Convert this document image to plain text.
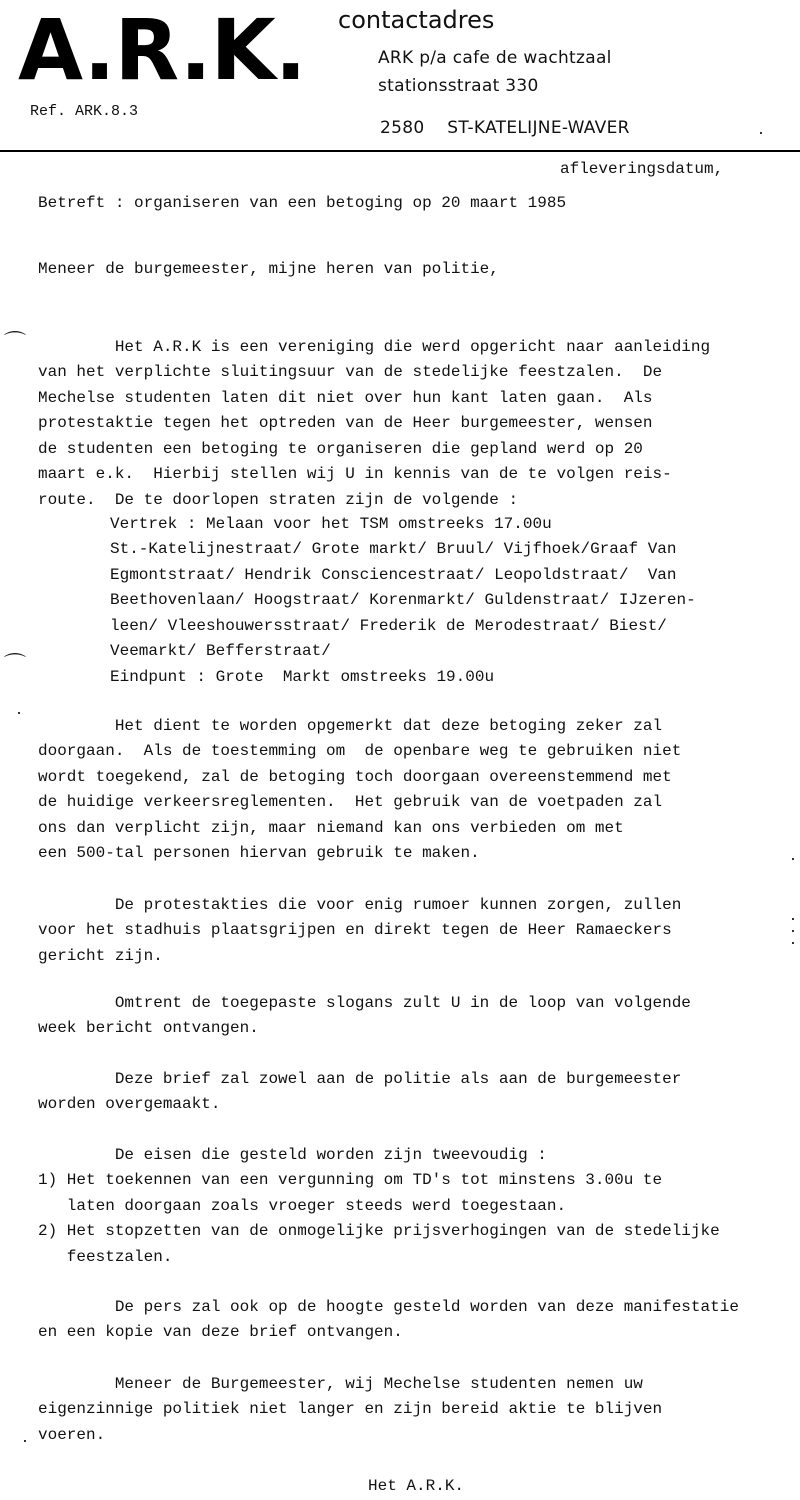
A.R.K.
Ref. ARK.8.3
contactadres
ARK p/a cafe de wachtzaal
stationsstraat 330
2580    ST-KATELIJNE-WAVER
afleveringsdatum,
Betreft : organiseren van een betoging op 20 maart 1985
Meneer de burgemeester, mijne heren van politie,

Het A.R.K is een vereniging die werd opgericht naar aanleiding
van het verplichte sluitingsuur van de stedelijke feestzalen.  De
Mechelse studenten laten dit niet over hun kant laten gaan.  Als
protestaktie tegen het optreden van de Heer burgemeester, wensen
de studenten een betoging te organiseren die gepland werd op 20
maart e.k.  Hierbij stellen wij U in kennis van de te volgen reis-
route.  De te doorlopen straten zijn de volgende :

Vertrek : Melaan voor het TSM omstreeks 17.00u
St.-Katelijnestraat/ Grote markt/ Bruul/ Vijfhoek/Graaf Van
Egmontstraat/ Hendrik Consciencestraat/ Leopoldstraat/  Van
Beethovenlaan/ Hoogstraat/ Korenmarkt/ Guldenstraat/ IJzeren-
leen/ Vleeshouwersstraat/ Frederik de Merodestraat/ Biest/
Veemarkt/ Befferstraat/
Eindpunt : Grote  Markt omstreeks 19.00u

Het dient te worden opgemerkt dat deze betoging zeker zal
doorgaan.  Als de toestemming om  de openbare weg te gebruiken niet
wordt toegekend, zal de betoging toch doorgaan overeenstemmend met
de huidige verkeersreglementen.  Het gebruik van de voetpaden zal
ons dan verplicht zijn, maar niemand kan ons verbieden om met
een 500-tal personen hiervan gebruik te maken.

De protestakties die voor enig rumoer kunnen zorgen, zullen
voor het stadhuis plaatsgrijpen en direkt tegen de Heer Ramaeckers
gericht zijn.

Omtrent de toegepaste slogans zult U in de loop van volgende
week bericht ontvangen.

Deze brief zal zowel aan de politie als aan de burgemeester
worden overgemaakt.

De eisen die gesteld worden zijn tweevoudig :
1) Het toekennen van een vergunning om TD's tot minstens 3.00u te
laten doorgaan zoals vroeger steeds werd toegestaan.
2) Het stopzetten van de onmogelijke prijsverhogingen van de stedelijke
feestzalen.

De pers zal ook op de hoogte gesteld worden van deze manifestatie
en een kopie van deze brief ontvangen.

Meneer de Burgemeester, wij Mechelse studenten nemen uw
eigenzinnige politiek niet langer en zijn bereid aktie te blijven
voeren.

Het A.R.K.
⌒
⌒
